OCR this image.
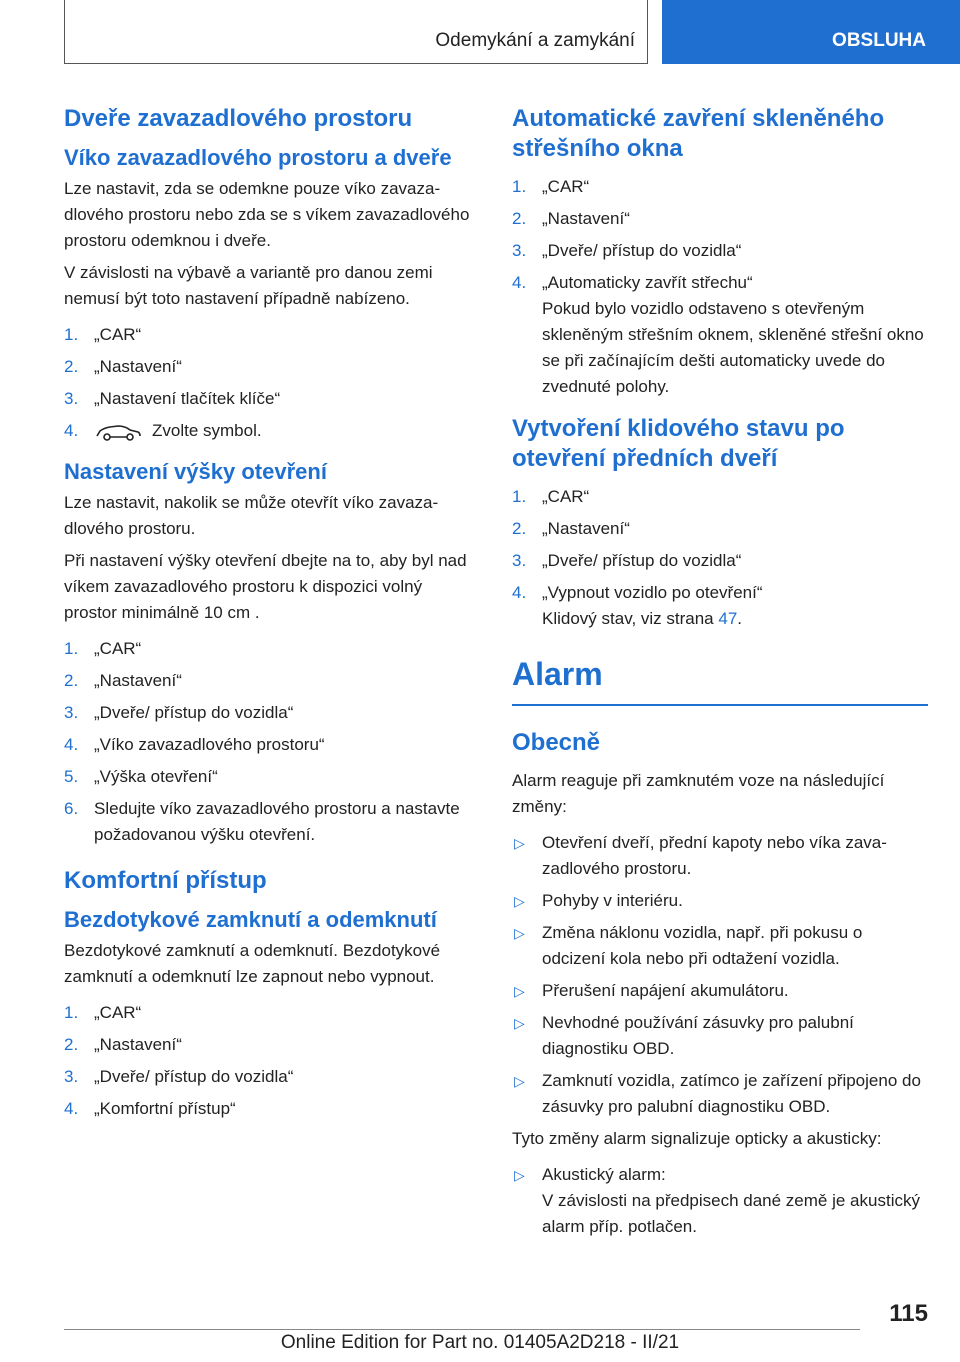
Odemykání a zamykání	OBSLUHA
Dveře zavazadlového prostoru
Víko zavazadlového prostoru a dveře

Lze nastavit, zda se odemkne pouze víko zavazadlového prostoru nebo zda se s víkem zavazadlového prostoru odemknou i dveře.

V závislosti na výbavě a variantě pro danou zemi nemusí být toto nastavení případně nabízeno.

1. „CAR“
2. „Nastavení“
3. „Nastavení tlačítek klíče“
4.	Zvolte symbol.
Nastavení výšky otevření

Lze nastavit, nakolik se může otevřít víko zavazadlového prostoru.

Při nastavení výšky otevření dbejte na to, aby byl nad víkem zavazadlového prostoru k dispozici volný prostor minimálně 10 cm .

1. „CAR“
2. „Nastavení“
3. „Dveře/ přístup do vozidla“
4. „Víko zavazadlového prostoru“
5. „Výška otevření“
6. Sledujte víko zavazadlového prostoru a nastavte požadovanou výšku otevření.
Komfortní přístup
Bezdotykové zamknutí a odemknutí

Bezdotykové zamknutí a odemknutí. Bezdotykové zamknutí a odemknutí lze zapnout nebo vypnout.

1. „CAR“
2. „Nastavení“
3. „Dveře/ přístup do vozidla“
4. „Komfortní přístup“
Automatické zavření skleněného střešního okna
1. „CAR“
2. „Nastavení“
3. „Dveře/ přístup do vozidla“
4. „Automaticky zavřít střechu“
Pokud bylo vozidlo odstaveno s otevřeným skleněným střešním oknem, skleněné střešní okno se při začínajícím dešti automaticky uvede do zvednuté polohy.
Vytvoření klidového stavu po otevření předních dveří
1. „CAR“
2. „Nastavení“
3. „Dveře/ přístup do vozidla“
4. „Vypnout vozidlo po otevření“
Klidový stav, viz strana 47.
Alarm
Obecně

Alarm reaguje při zamknutém voze na následující změny:

▷ Otevření dveří, přední kapoty nebo víka zavazadlového prostoru.
▷ Pohyby v interiéru.
▷ Změna náklonu vozidla, např. při pokusu o odcizení kola nebo při odtažení vozidla.
▷ Přerušení napájení akumulátoru.
▷ Nevhodné používání zásuvky pro palubní diagnostiku OBD.
▷ Zamknutí vozidla, zatímco je zařízení připojeno do zásuvky pro palubní diagnostiku OBD.

Tyto změny alarm signalizuje opticky a akusticky:

▷ Akustický alarm:
V závislosti na předpisech dané země je akustický alarm příp. potlačen.
115
Online Edition for Part no. 01405A2D218 - II/21
